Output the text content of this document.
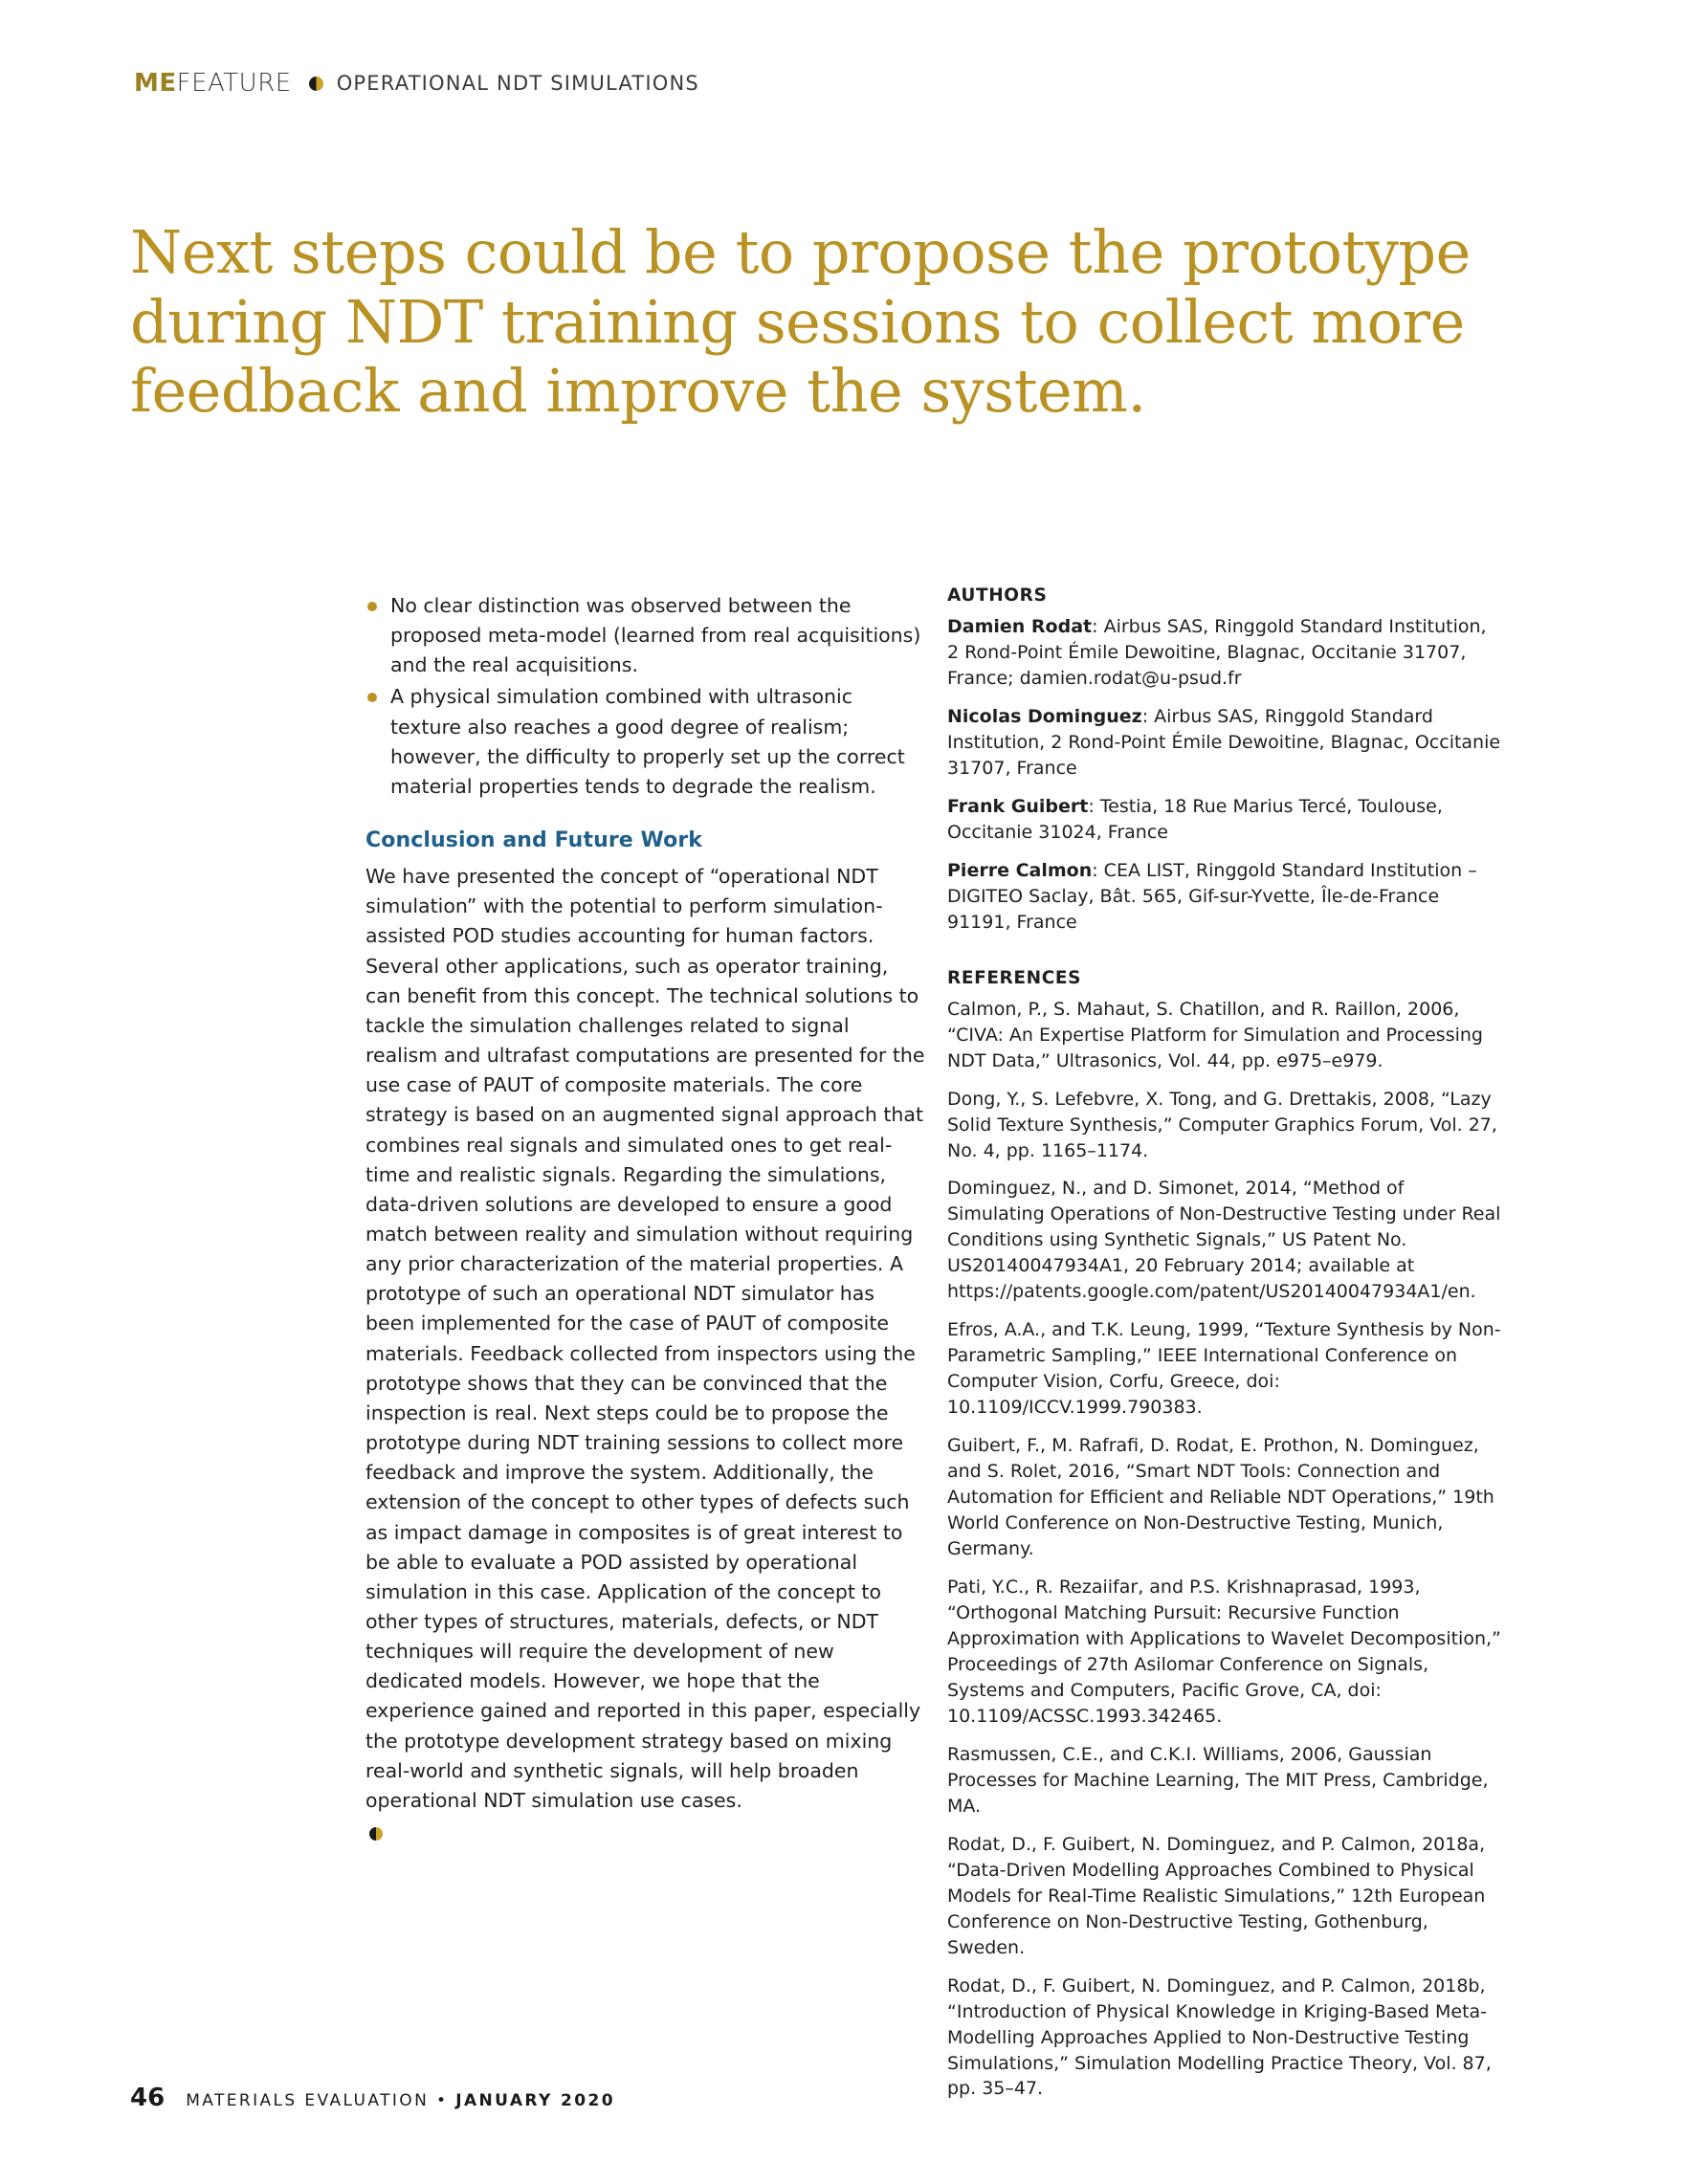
ME FEATURE OPERATIONAL NDT SIMULATIONS
Next steps could be to propose the prototype during NDT training sessions to collect more feedback and improve the system.
No clear distinction was observed between the proposed meta-model (learned from real acquisitions) and the real acquisitions.
A physical simulation combined with ultrasonic texture also reaches a good degree of realism; however, the difficulty to properly set up the correct material properties tends to degrade the realism.
Conclusion and Future Work

We have presented the concept of “operational NDT simulation” with the potential to perform simulation-assisted POD studies accounting for human factors. Several other applications, such as operator training, can benefit from this concept. The technical solutions to tackle the simulation challenges related to signal realism and ultrafast computations are presented for the use case of PAUT of composite materials. The core strategy is based on an augmented signal approach that combines real signals and simulated ones to get real-time and realistic signals. Regarding the simulations, data-driven solutions are developed to ensure a good match between reality and simulation without requiring any prior characterization of the material properties. A prototype of such an operational NDT simulator has been implemented for the case of PAUT of composite materials. Feedback collected from inspectors using the prototype shows that they can be convinced that the inspection is real. Next steps could be to propose the prototype during NDT training sessions to collect more feedback and improve the system. Additionally, the extension of the concept to other types of defects such as impact damage in composites is of great interest to be able to evaluate a POD assisted by operational simulation in this case. Application of the concept to other types of structures, materials, defects, or NDT techniques will require the development of new dedicated models. However, we hope that the experience gained and reported in this paper, especially the prototype development strategy based on mixing real-world and synthetic signals, will help broaden operational NDT simulation use cases.

AUTHORS
Damien Rodat: Airbus SAS, Ringgold Standard Institution, 2 Rond-Point Émile Dewoitine, Blagnac, Occitanie 31707, France; damien.rodat@u-psud.fr
Nicolas Dominguez: Airbus SAS, Ringgold Standard Institution, 2 Rond-Point Émile Dewoitine, Blagnac, Occitanie 31707, France
Frank Guibert: Testia, 18 Rue Marius Tercé, Toulouse, Occitanie 31024, France
Pierre Calmon: CEA LIST, Ringgold Standard Institution – DIGITEO Saclay, Bât. 565, Gif-sur-Yvette, Île-de-France 91191, France
REFERENCES
Calmon, P., S. Mahaut, S. Chatillon, and R. Raillon, 2006, “CIVA: An Expertise Platform for Simulation and Processing NDT Data,” Ultrasonics, Vol. 44, pp. e975–e979.
Dong, Y., S. Lefebvre, X. Tong, and G. Drettakis, 2008, “Lazy Solid Texture Synthesis,” Computer Graphics Forum, Vol. 27, No. 4, pp. 1165–1174.
Dominguez, N., and D. Simonet, 2014, “Method of Simulating Operations of Non-Destructive Testing under Real Conditions using Synthetic Signals,” US Patent No. US20140047934A1, 20 February 2014; available at https://patents.google.com/patent/US20140047934A1/en.
Efros, A.A., and T.K. Leung, 1999, “Texture Synthesis by Non-Parametric Sampling,” IEEE International Conference on Computer Vision, Corfu, Greece, doi: 10.1109/ICCV.1999.790383.
Guibert, F., M. Rafrafi, D. Rodat, E. Prothon, N. Dominguez, and S. Rolet, 2016, “Smart NDT Tools: Connection and Automation for Efficient and Reliable NDT Operations,” 19th World Conference on Non-Destructive Testing, Munich, Germany.
Pati, Y.C., R. Rezaiifar, and P.S. Krishnaprasad, 1993, “Orthogonal Matching Pursuit: Recursive Function Approximation with Applications to Wavelet Decomposition,” Proceedings of 27th Asilomar Conference on Signals, Systems and Computers, Pacific Grove, CA, doi: 10.1109/ACSSC.1993.342465.
Rasmussen, C.E., and C.K.I. Williams, 2006, Gaussian Processes for Machine Learning, The MIT Press, Cambridge, MA.
Rodat, D., F. Guibert, N. Dominguez, and P. Calmon, 2018a, “Data-Driven Modelling Approaches Combined to Physical Models for Real-Time Realistic Simulations,” 12th European Conference on Non-Destructive Testing, Gothenburg, Sweden.
Rodat, D., F. Guibert, N. Dominguez, and P. Calmon, 2018b, “Introduction of Physical Knowledge in Kriging-Based Meta-Modelling Approaches Applied to Non-Destructive Testing Simulations,” Simulation Modelling Practice Theory, Vol. 87, pp. 35–47.
46 MATERIALS EVALUATION • JANUARY 2020
